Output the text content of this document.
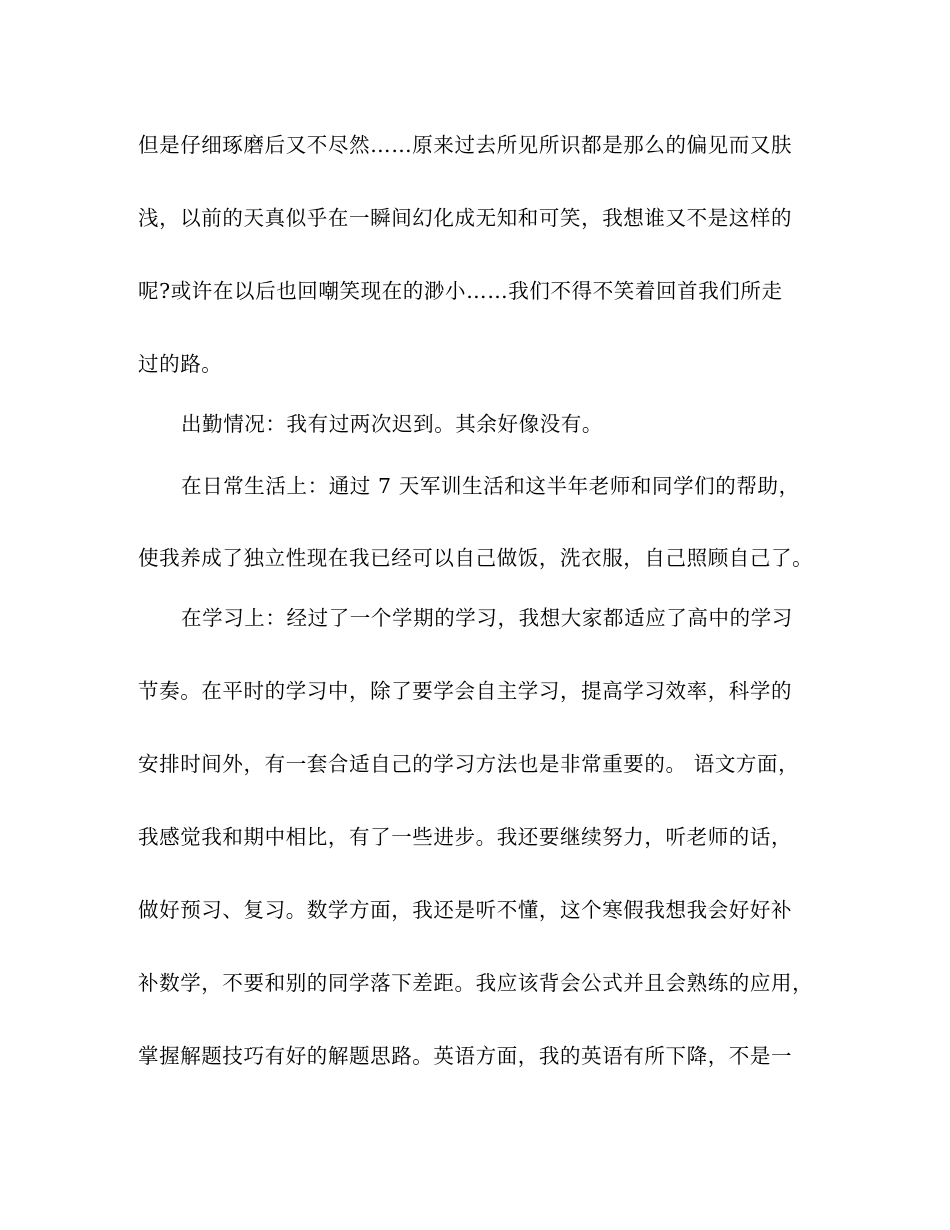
但是仔细琢磨后又不尽然……原来过去所见所识都是那么的偏见而又肤
浅，以前的天真似乎在一瞬间幻化成无知和可笑，我想谁又不是这样的
呢?或许在以后也回嘲笑现在的渺小……我们不得不笑着回首我们所走
过的路。
出勤情况：我有过两次迟到。其余好像没有。
在日常生活上：通过 7 天军训生活和这半年老师和同学们的帮助，
使我养成了独立性现在我已经可以自己做饭，洗衣服，自己照顾自己了。
在学习上：经过了一个学期的学习，我想大家都适应了高中的学习
节奏。在平时的学习中，除了要学会自主学习，提高学习效率，科学的
安排时间外，有一套合适自己的学习方法也是非常重要的。 语文方面，
我感觉我和期中相比，有了一些进步。我还要继续努力，听老师的话，
做好预习、复习。数学方面，我还是听不懂，这个寒假我想我会好好补
补数学，不要和别的同学落下差距。我应该背会公式并且会熟练的应用，
掌握解题技巧有好的解题思路。英语方面，我的英语有所下降，不是一
